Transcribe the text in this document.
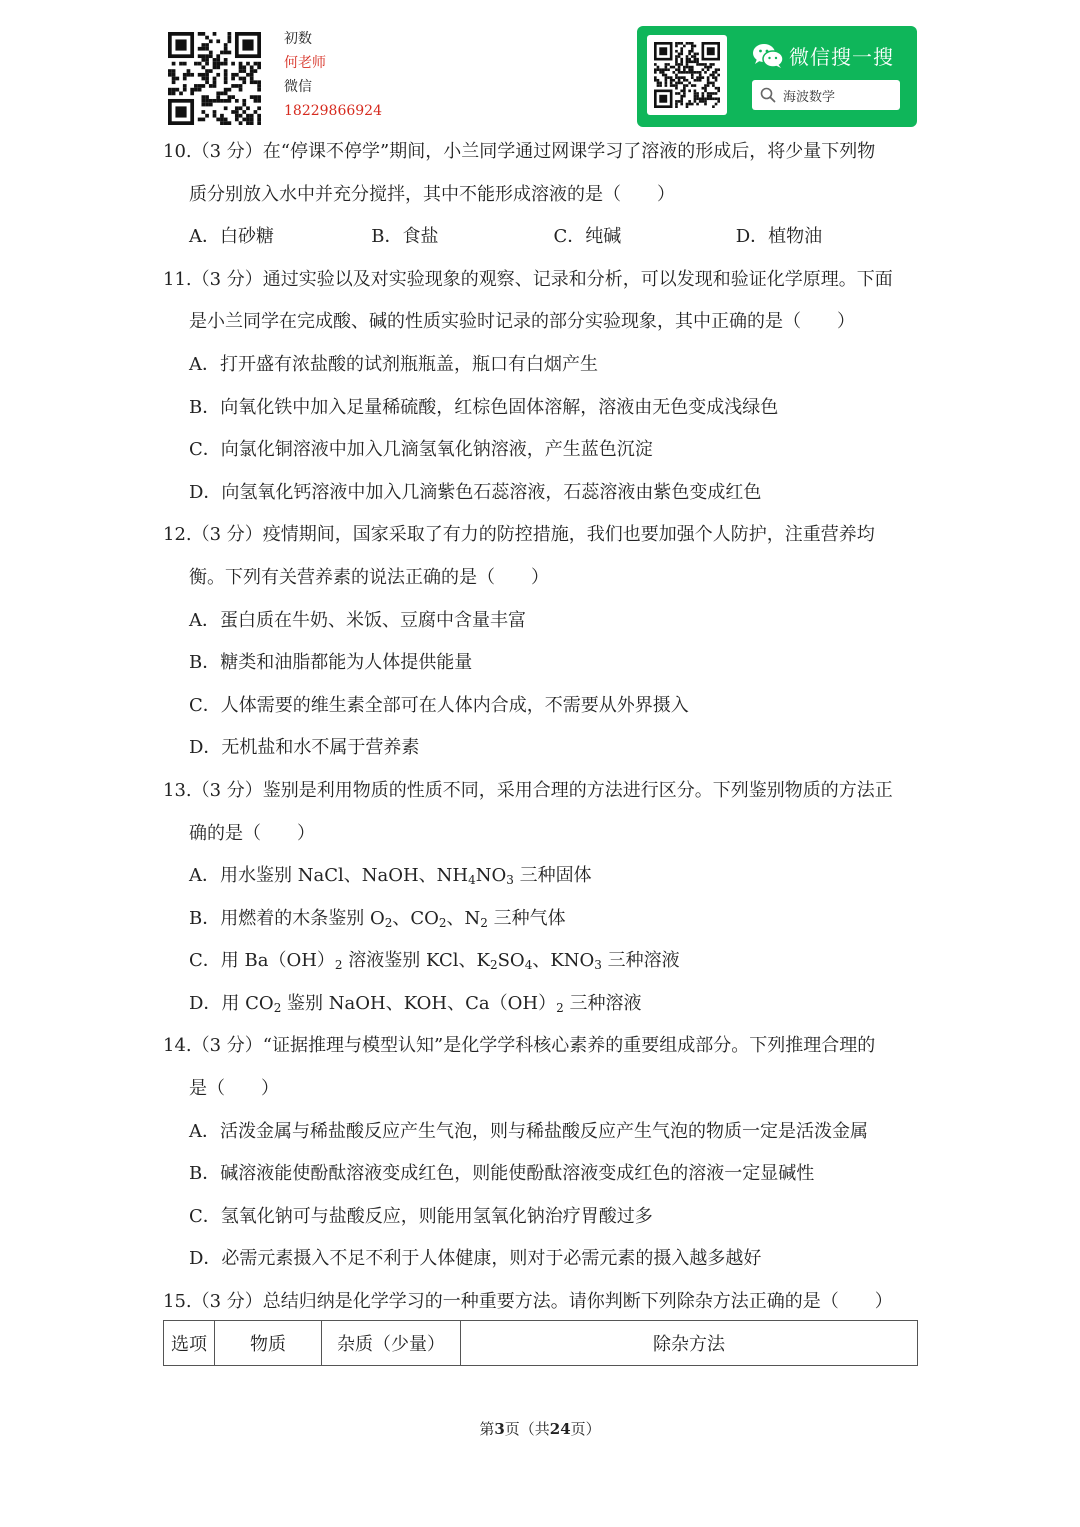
初数
何老师
微信
18229866924
微信搜一搜
海波数学
10.（3 分）在“停课不停学”期间，小兰同学通过网课学习了溶液的形成后，将少量下列物
质分别放入水中并充分搅拌，其中不能形成溶液的是（　　）
A．白砂糖	B．食盐	C．纯碱	D．植物油
11.（3 分）通过实验以及对实验现象的观察、记录和分析，可以发现和验证化学原理。下面
是小兰同学在完成酸、碱的性质实验时记录的部分实验现象，其中正确的是（　　）
A．打开盛有浓盐酸的试剂瓶瓶盖，瓶口有白烟产生
B．向氧化铁中加入足量稀硫酸，红棕色固体溶解，溶液由无色变成浅绿色
C．向氯化铜溶液中加入几滴氢氧化钠溶液，产生蓝色沉淀
D．向氢氧化钙溶液中加入几滴紫色石蕊溶液，石蕊溶液由紫色变成红色
12.（3 分）疫情期间，国家采取了有力的防控措施，我们也要加强个人防护，注重营养均
衡。下列有关营养素的说法正确的是（　　）
A．蛋白质在牛奶、米饭、豆腐中含量丰富
B．糖类和油脂都能为人体提供能量
C．人体需要的维生素全部可在人体内合成，不需要从外界摄入
D．无机盐和水不属于营养素
13.（3 分）鉴别是利用物质的性质不同，采用合理的方法进行区分。下列鉴别物质的方法正
确的是（　　）
A．用水鉴别 NaCl、NaOH、$NH_4NO_3$ 三种固体
B．用燃着的木条鉴别 $O_2$、$CO_2$、$N_2$ 三种气体
C．用 $Ba(OH)_2$ 溶液鉴别 KCl、$K_2SO_4$、$KNO_3$ 三种溶液
D．用 $CO_2$ 鉴别 NaOH、KOH、$Ca(OH)_2$ 三种溶液
14.（3 分）“证据推理与模型认知”是化学学科核心素养的重要组成部分。下列推理合理的
是（　　）
A．活泼金属与稀盐酸反应产生气泡，则与稀盐酸反应产生气泡的物质一定是活泼金属
B．碱溶液能使酚酞溶液变成红色，则能使酚酞溶液变成红色的溶液一定显碱性
C．氢氧化钠可与盐酸反应，则能用氢氧化钠治疗胃酸过多
D．必需元素摄入不足不利于人体健康，则对于必需元素的摄入越多越好
15.（3 分）总结归纳是化学学习的一种重要方法。请你判断下列除杂方法正确的是（　　）
选项	物质	杂质（少量）	除杂方法
第3页（共24页）
